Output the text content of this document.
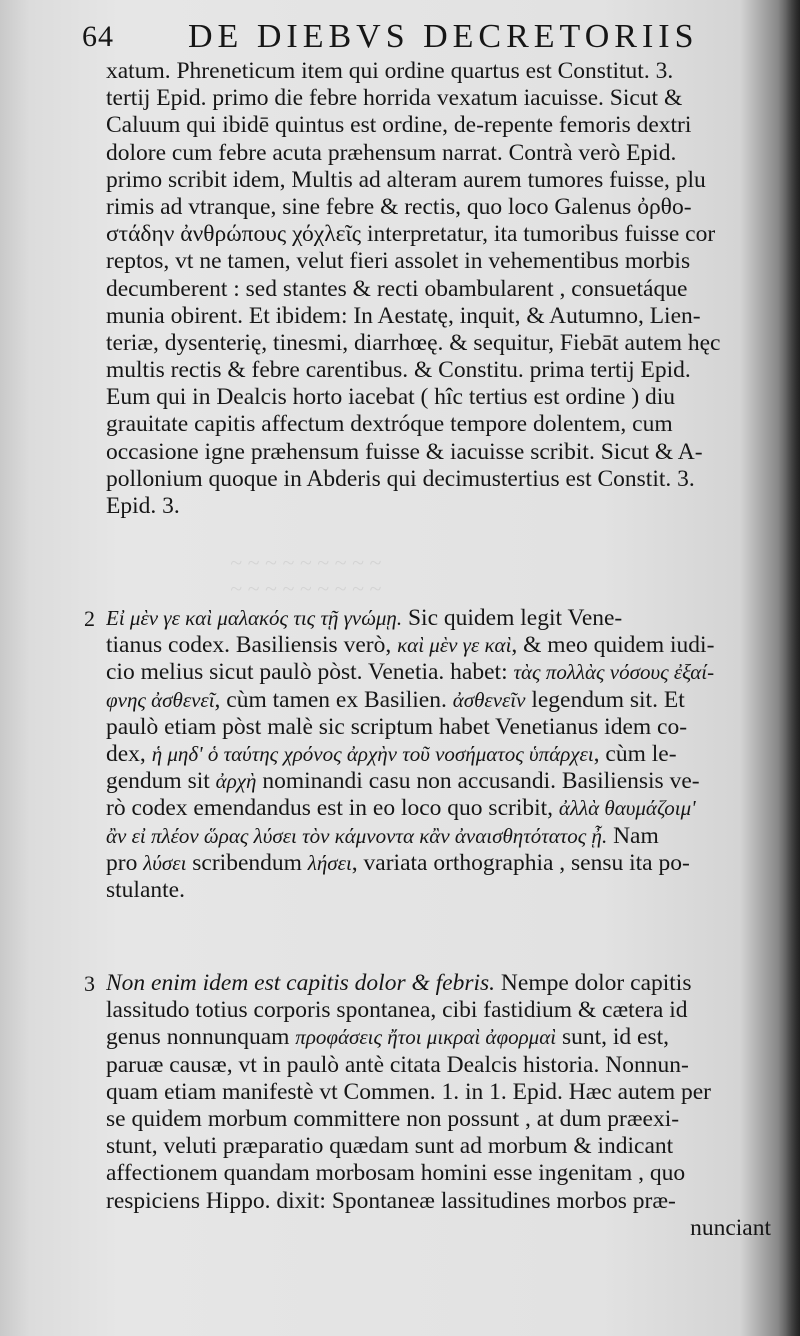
64 DE DIEBVS DECRETORIIS
xatum. Phreneticum item qui ordine quartus est Constitut. 3.
tertij Epid. primo die febre horrida vexatum iacuisse. Sicut &
Caluum qui ibidē quintus est ordine, de-repente femoris dextri
dolore cum febre acuta præhensum narrat. Contrà verò Epid.
primo scribit idem, Multis ad alteram aurem tumores fuisse, plu
rimis ad vtranque, sine febre & rectis, quo loco Galenus ὀρθο-
στάδην ἀνθρώπους χόχλεῖς interpretatur, ita tumoribus fuisse cor
reptos, vt ne tamen, velut fieri assolet in vehementibus morbis
decumberent : sed stantes & recti obambularent , consuetáque
munia obirent. Et ibidem: In Aestatę, inquit, & Autumno, Lien-
teriæ, dysenterię, tinesmi, diarrhœę. & sequitur, Fiebāt autem hęc
multis rectis & febre carentibus. & Constitu. prima tertij Epid.
Eum qui in Dealcis horto iacebat ( hîc tertius est ordine ) diu
grauitate capitis affectum dextróque tempore dolentem, cum
occasione igne præhensum fuisse & iacuisse scribit. Sicut & A-
pollonium quoque in Abderis qui decimustertius est Constit. 3.
Epid. 3.
~ ~ ~ ~ ~ ~ ~ ~ ~
~ ~ ~ ~ ~ ~ ~ ~ ~
2 Εἰ μὲν γε καὶ μαλακός τις τῇ γνώμῃ. Sic quidem legit Vene-
tianus codex. Basiliensis verò, καὶ μὲν γε καὶ, & meo quidem iudi-
cio melius sicut paulò pòst. Venetia. habet: τὰς πολλὰς νόσους ἐξαί-
φνης ἀσθενεῖ, cùm tamen ex Basilien. ἀσθενεῖν legendum sit. Et
paulò etiam pòst malè sic scriptum habet Venetianus idem co-
dex, ἡ μηδ' ὁ ταύτης χρόνος ἀρχὴν τοῦ νοσήματος ὑπάρχει, cùm le-
gendum sit ἀρχὴ nominandi casu non accusandi. Basiliensis ve-
rò codex emendandus est in eo loco quo scribit, ἀλλὰ θαυμάζοιμ'
ἂν εἰ πλέον ὥρας λύσει τὸν κάμνοντα κἂν ἀναισθητότατος ᾖ. Nam
pro λύσει scribendum λήσει, variata orthographia , sensu ita po-
stulante.
3 Non enim idem est capitis dolor & febris. Nempe dolor capitis
lassitudo totius corporis spontanea, cibi fastidium & cætera id
genus nonnunquam προφάσεις ἤτοι μικραὶ ἀφορμαὶ sunt, id est,
paruæ causæ, vt in paulò antè citata Dealcis historia. Nonnun-
quam etiam manifestè vt Commen. 1. in 1. Epid. Hæc autem per
se quidem morbum committere non possunt , at dum præexi-
stunt, veluti præparatio quædam sunt ad morbum & indicant
affectionem quandam morbosam homini esse ingenitam , quo
respiciens Hippo. dixit: Spontaneæ lassitudines morbos præ-
nunciant
